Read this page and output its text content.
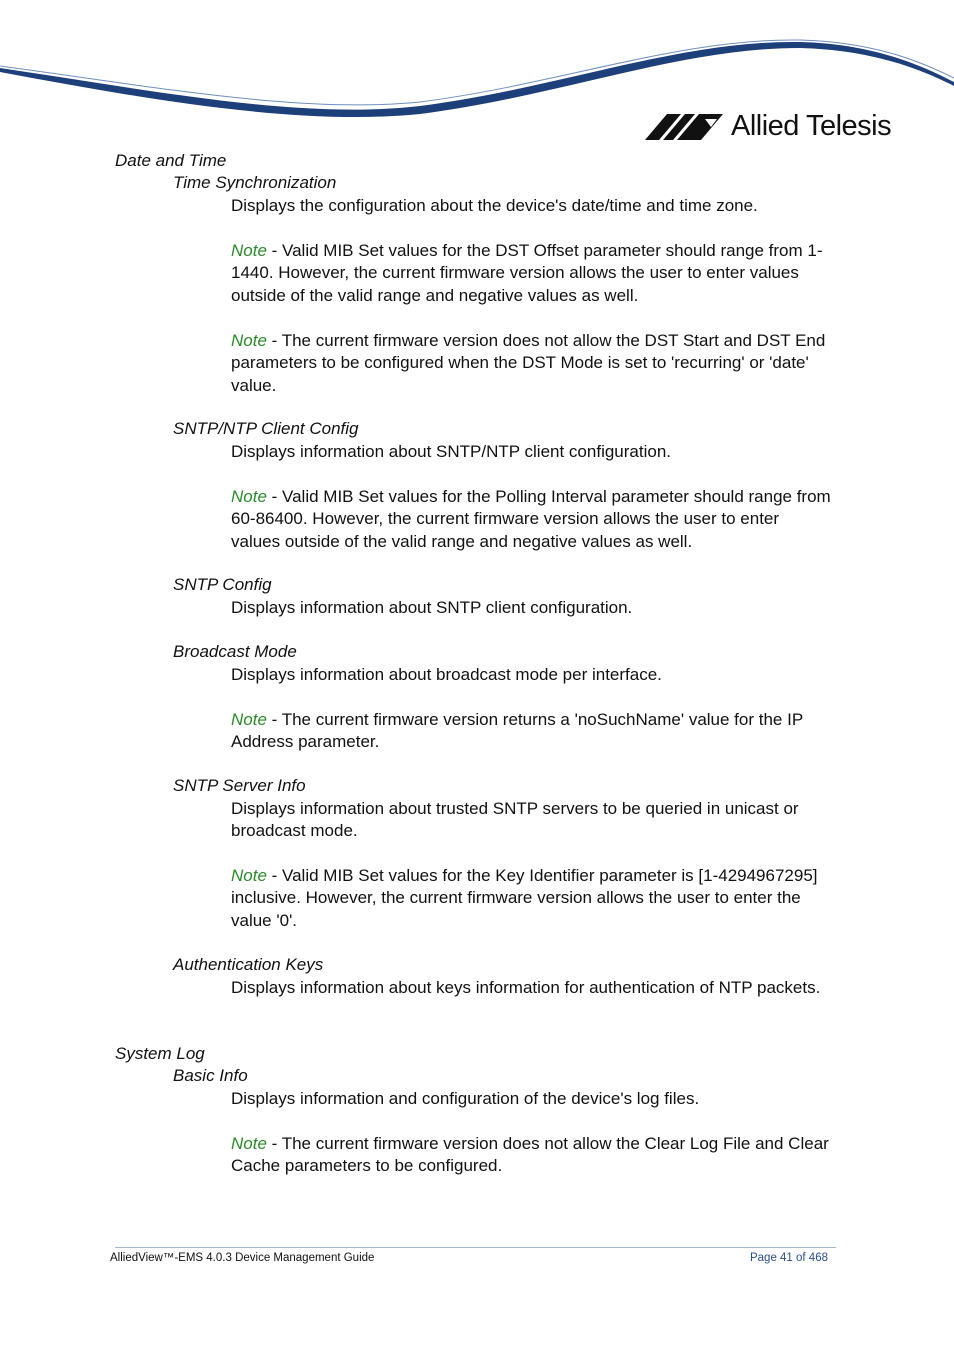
Allied Telesis
Date and Time
Time Synchronization
Displays the configuration about the device's date/time and time zone.
Note - Valid MIB Set values for the DST Offset parameter should range from 1-1440. However, the current firmware version allows the user to enter values outside of the valid range and negative values as well.
Note - The current firmware version does not allow the DST Start and DST End parameters to be configured when the DST Mode is set to 'recurring' or 'date' value.
SNTP/NTP Client Config
Displays information about SNTP/NTP client configuration.
Note - Valid MIB Set values for the Polling Interval parameter should range from 60-86400. However, the current firmware version allows the user to enter values outside of the valid range and negative values as well.
SNTP Config
Displays information about SNTP client configuration.
Broadcast Mode
Displays information about broadcast mode per interface.
Note - The current firmware version returns a 'noSuchName' value for the IP Address parameter.
SNTP Server Info
Displays information about trusted SNTP servers to be queried in unicast or broadcast mode.
Note - Valid MIB Set values for the Key Identifier parameter is [1-4294967295] inclusive. However, the current firmware version allows the user to enter the value '0'.
Authentication Keys
Displays information about keys information for authentication of NTP packets.
System Log
Basic Info
Displays information and configuration of the device's log files.
Note - The current firmware version does not allow the Clear Log File and Clear Cache parameters to be configured.
AlliedView™-EMS 4.0.3 Device Management Guide	Page 41 of 468
